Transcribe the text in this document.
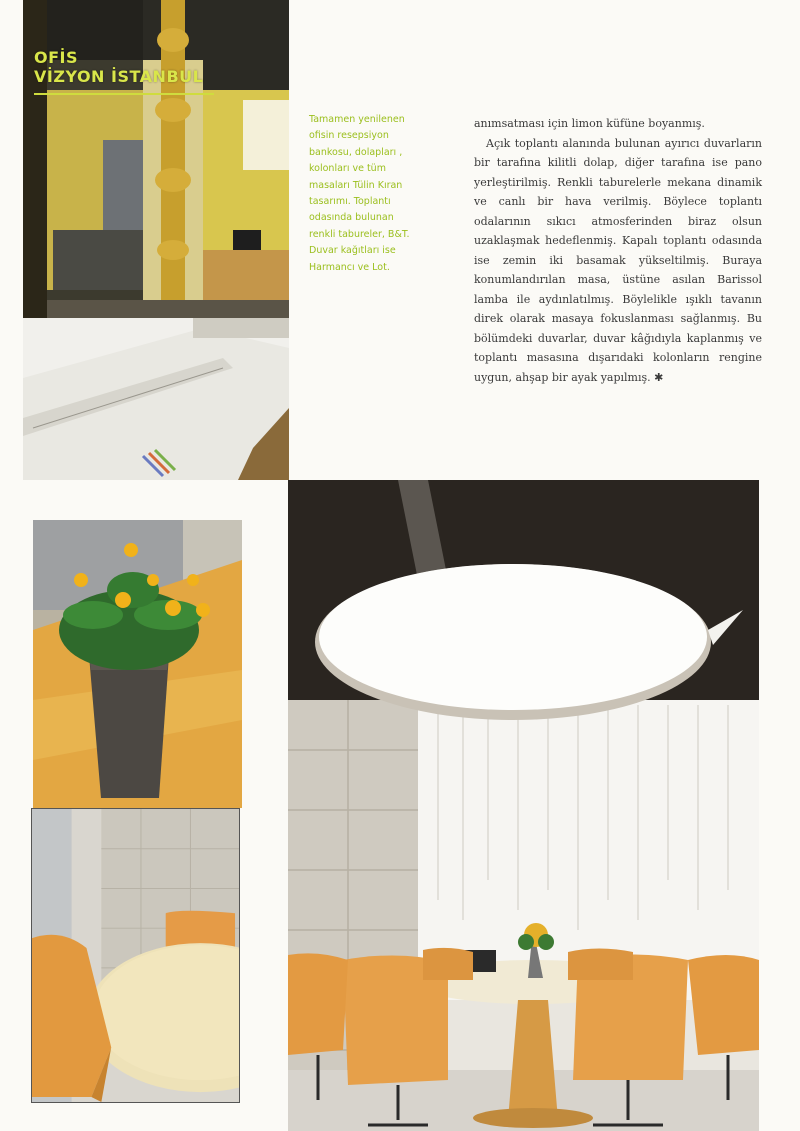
OFİS
VİZYON İSTANBUL
Tamamen yenilenen ofisin resepsiyon bankosu, dolapları , kolonları ve tüm masaları Tülin Kıran tasarımı. Toplantı odasında bulunan renkli tabureler, B&T. Duvar kağıtları ise Harmancı ve Lot.

anımsatması için limon küfüne boyanmış.

Açık toplantı alanında bulunan ayırıcı duvarların bir tarafına kilitli dolap, diğer tarafına ise pano yerleştirilmiş. Renkli taburelerle mekana dinamik ve canlı bir hava verilmiş. Böylece toplantı odalarının sıkıcı atmosferinden biraz olsun uzaklaşmak hedeflenmiş. Kapalı toplantı odasında ise zemin iki basamak yükseltilmiş. Buraya konumlandırılan masa, üstüne asılan Barissol lamba ile aydınlatılmış. Böylelikle ışıklı tavanın direk olarak masaya fokuslanması sağlanmış. Bu bölümdeki duvarlar, duvar kâğıdıyla kaplanmış ve toplantı masasına dışarıdaki kolonların rengine uygun, ahşap bir ayak yapılmış. ✱
